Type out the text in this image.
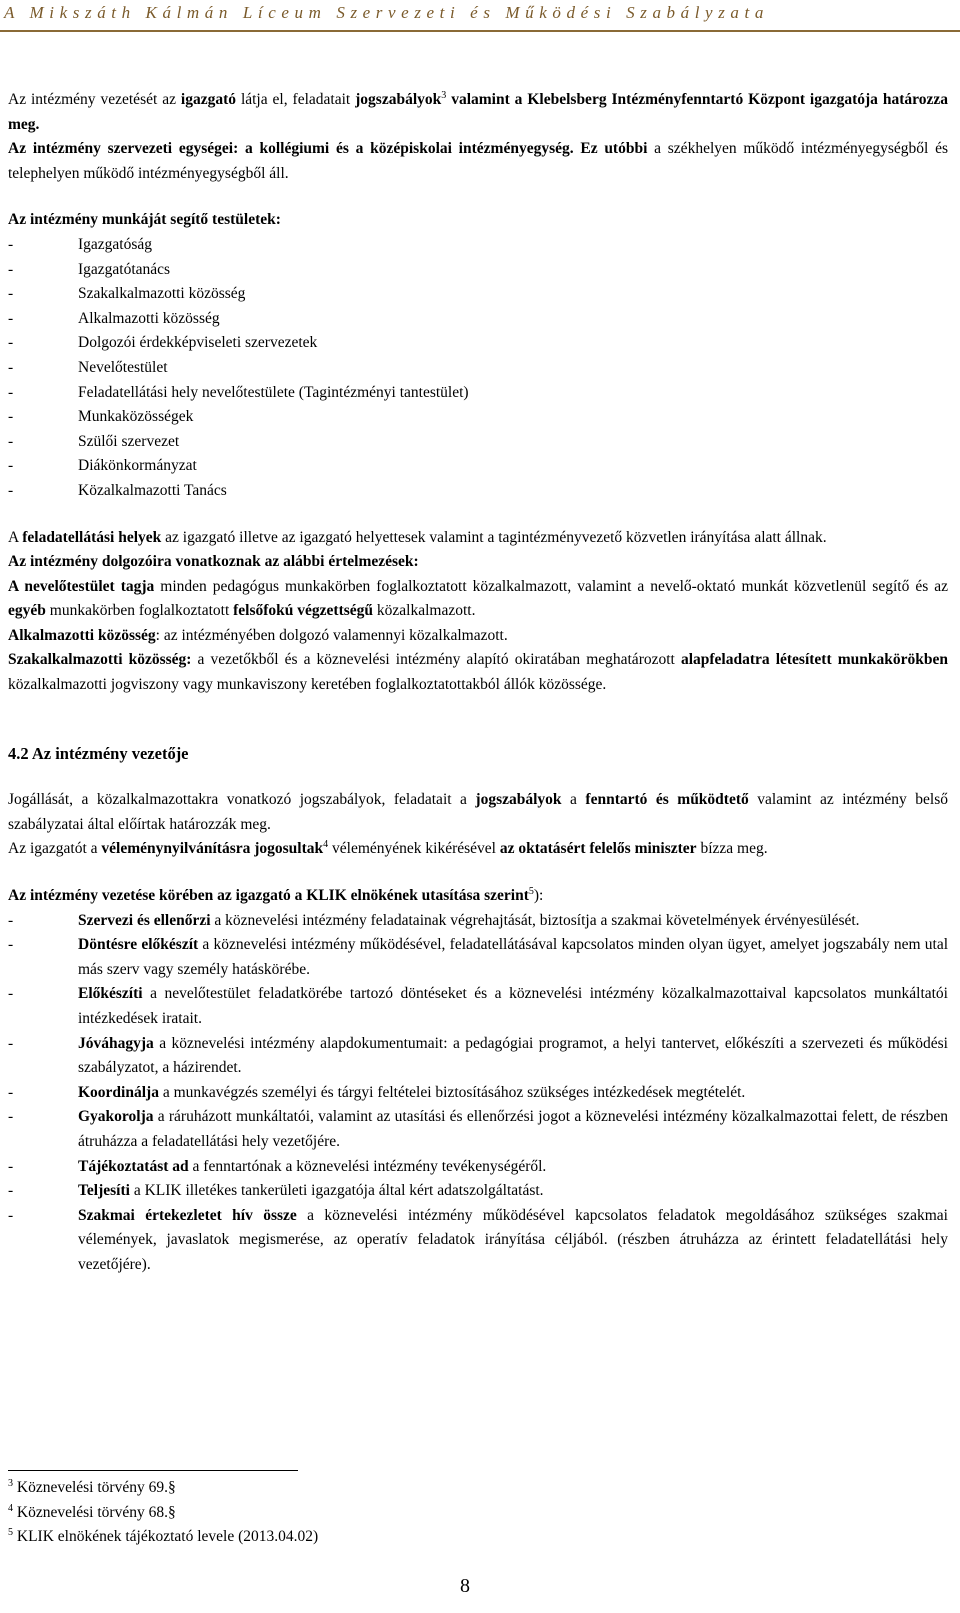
A Mikszáth Kálmán Líceum Szervezeti és Működési Szabályzata

Az intézmény vezetését az igazgató látja el, feladatait jogszabályok$^3$ valamint a Klebelsberg Intézményfenntartó Központ igazgatója határozza meg.

Az intézmény szervezeti egységei: a kollégiumi és a középiskolai intézményegység. Ez utóbbi a székhelyen működő intézményegységből és telephelyen működő intézményegységből áll.

Az intézmény munkáját segítő testületek:

-	Igazgatóság
-	Igazgatótanács
-	Szakalkalmazotti közösség
-	Alkalmazotti közösség
-	Dolgozói érdekképviseleti szervezetek
-	Nevelőtestület
-	Feladatellátási hely nevelőtestülete (Tagintézményi tantestület)
-	Munkaközösségek
-	Szülői szervezet
-	Diákönkormányzat
-	Közalkalmazotti Tanács

A feladatellátási helyek az igazgató illetve az igazgató helyettesek valamint a tagintézményvezető közvetlen irányítása alatt állnak.

Az intézmény dolgozóira vonatkoznak az alábbi értelmezések:

A nevelőtestület tagja minden pedagógus munkakörben foglalkoztatott közalkalmazott, valamint a nevelő-oktató munkát közvetlenül segítő és az egyéb munkakörben foglalkoztatott felsőfokú végzettségű közalkalmazott.

Alkalmazotti közösség: az intézményében dolgozó valamennyi közalkalmazott.

Szakalkalmazotti közösség: a vezetőkből és a köznevelési intézmény alapító okiratában meghatározott alapfeladatra létesített munkakörökben közalkalmazotti jogviszony vagy munkaviszony keretében foglalkoztatottakból állók közössége.

4.2 Az intézmény vezetője

Jogállását, a közalkalmazottakra vonatkozó jogszabályok, feladatait a jogszabályok a fenntartó és működtető valamint az intézmény belső szabályzatai által előírtak határozzák meg.

Az igazgatót a véleménynyilvánításra jogosultak$^4$ véleményének kikérésével az oktatásért felelős miniszter bízza meg.

Az intézmény vezetése körében az igazgató a KLIK elnökének utasítása szerint$^5$):

-	Szervezi és ellenőrzi a köznevelési intézmény feladatainak végrehajtását, biztosítja a szakmai követelmények érvényesülését.
-	Döntésre előkészít a köznevelési intézmény működésével, feladatellátásával kapcsolatos minden olyan ügyet, amelyet jogszabály nem utal más szerv vagy személy hatáskörébe.
-	Előkészíti a nevelőtestület feladatkörébe tartozó döntéseket és a köznevelési intézmény közalkalmazottaival kapcsolatos munkáltatói intézkedések iratait.
-	Jóváhagyja a köznevelési intézmény alapdokumentumait: a pedagógiai programot, a helyi tantervet, előkészíti a szervezeti és működési szabályzatot, a házirendet.
-	Koordinálja a munkavégzés személyi és tárgyi feltételei biztosításához szükséges intézkedések megtételét.
-	Gyakorolja a ráruházott munkáltatói, valamint az utasítási és ellenőrzési jogot a köznevelési intézmény közalkalmazottai felett, de részben átruházza a feladatellátási hely vezetőjére.
-	Tájékoztatást ad a fenntartónak a köznevelési intézmény tevékenységéről.
-	Teljesíti a KLIK illetékes tankerületi igazgatója által kért adatszolgáltatást.
-	Szakmai értekezletet hív össze a köznevelési intézmény működésével kapcsolatos feladatok megoldásához szükséges szakmai vélemények, javaslatok megismerése, az operatív feladatok irányítása céljából. (részben átruházza az érintett feladatellátási hely vezetőjére).
$^3$ Köznevelési törvény 69.§
$^4$ Köznevelési törvény 68.§
$^5$ KLIK elnökének tájékoztató levele (2013.04.02)
8
